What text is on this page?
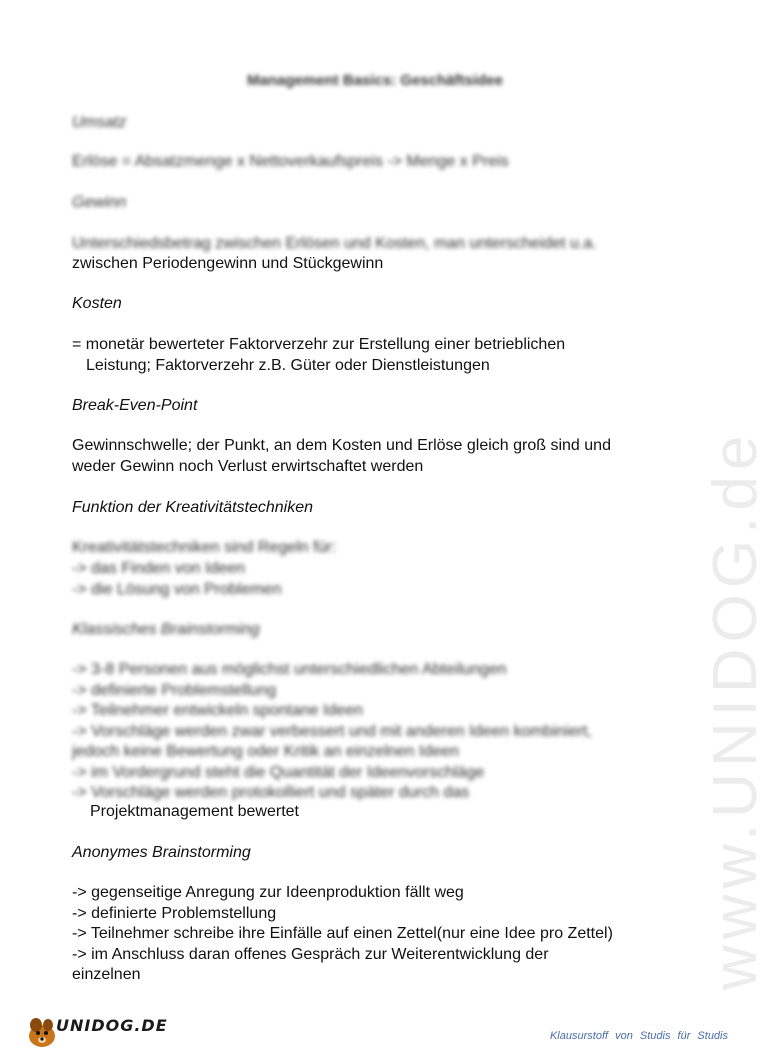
www.UNIDOG.de
Management Basics: Geschäftsidee
Umsatz
Erlöse = Absatzmenge x Nettoverkaufspreis -> Menge x Preis
Gewinn
Unterschiedsbetrag zwischen Erlösen und Kosten, man unterscheidet u.a.
zwischen Periodengewinn und Stückgewinn
Kosten
= monetär bewerteter Faktorverzehr zur Erstellung einer betrieblichen
Leistung; Faktorverzehr z.B. Güter oder Dienstleistungen
Break-Even-Point
Gewinnschwelle; der Punkt, an dem Kosten und Erlöse gleich groß sind und
weder Gewinn noch Verlust erwirtschaftet werden
Funktion der Kreativitätstechniken
Kreativitätstechniken sind Regeln für:
-> das Finden von Ideen
-> die Lösung von Problemen
Klassisches Brainstorming
-> 3-8 Personen aus möglichst unterschiedlichen Abteilungen
-> definierte Problemstellung
-> Teilnehmer entwickeln spontane Ideen
-> Vorschläge werden zwar verbessert und mit anderen Ideen kombiniert,
jedoch keine Bewertung oder Kritik an einzelnen Ideen
-> im Vordergrund steht die Quantität der Ideenvorschläge
-> Vorschläge werden protokolliert und später durch das
Projektmanagement bewertet
Anonymes Brainstorming
-> gegenseitige Anregung zur Ideenproduktion fällt weg
-> definierte Problemstellung
-> Teilnehmer schreibe ihre Einfälle auf einen Zettel(nur eine Idee pro Zettel)
-> im Anschluss daran offenes Gespräch zur Weiterentwicklung der
einzelnen
UNIDOG.DE
Klausurstoff von Studis für Studis
